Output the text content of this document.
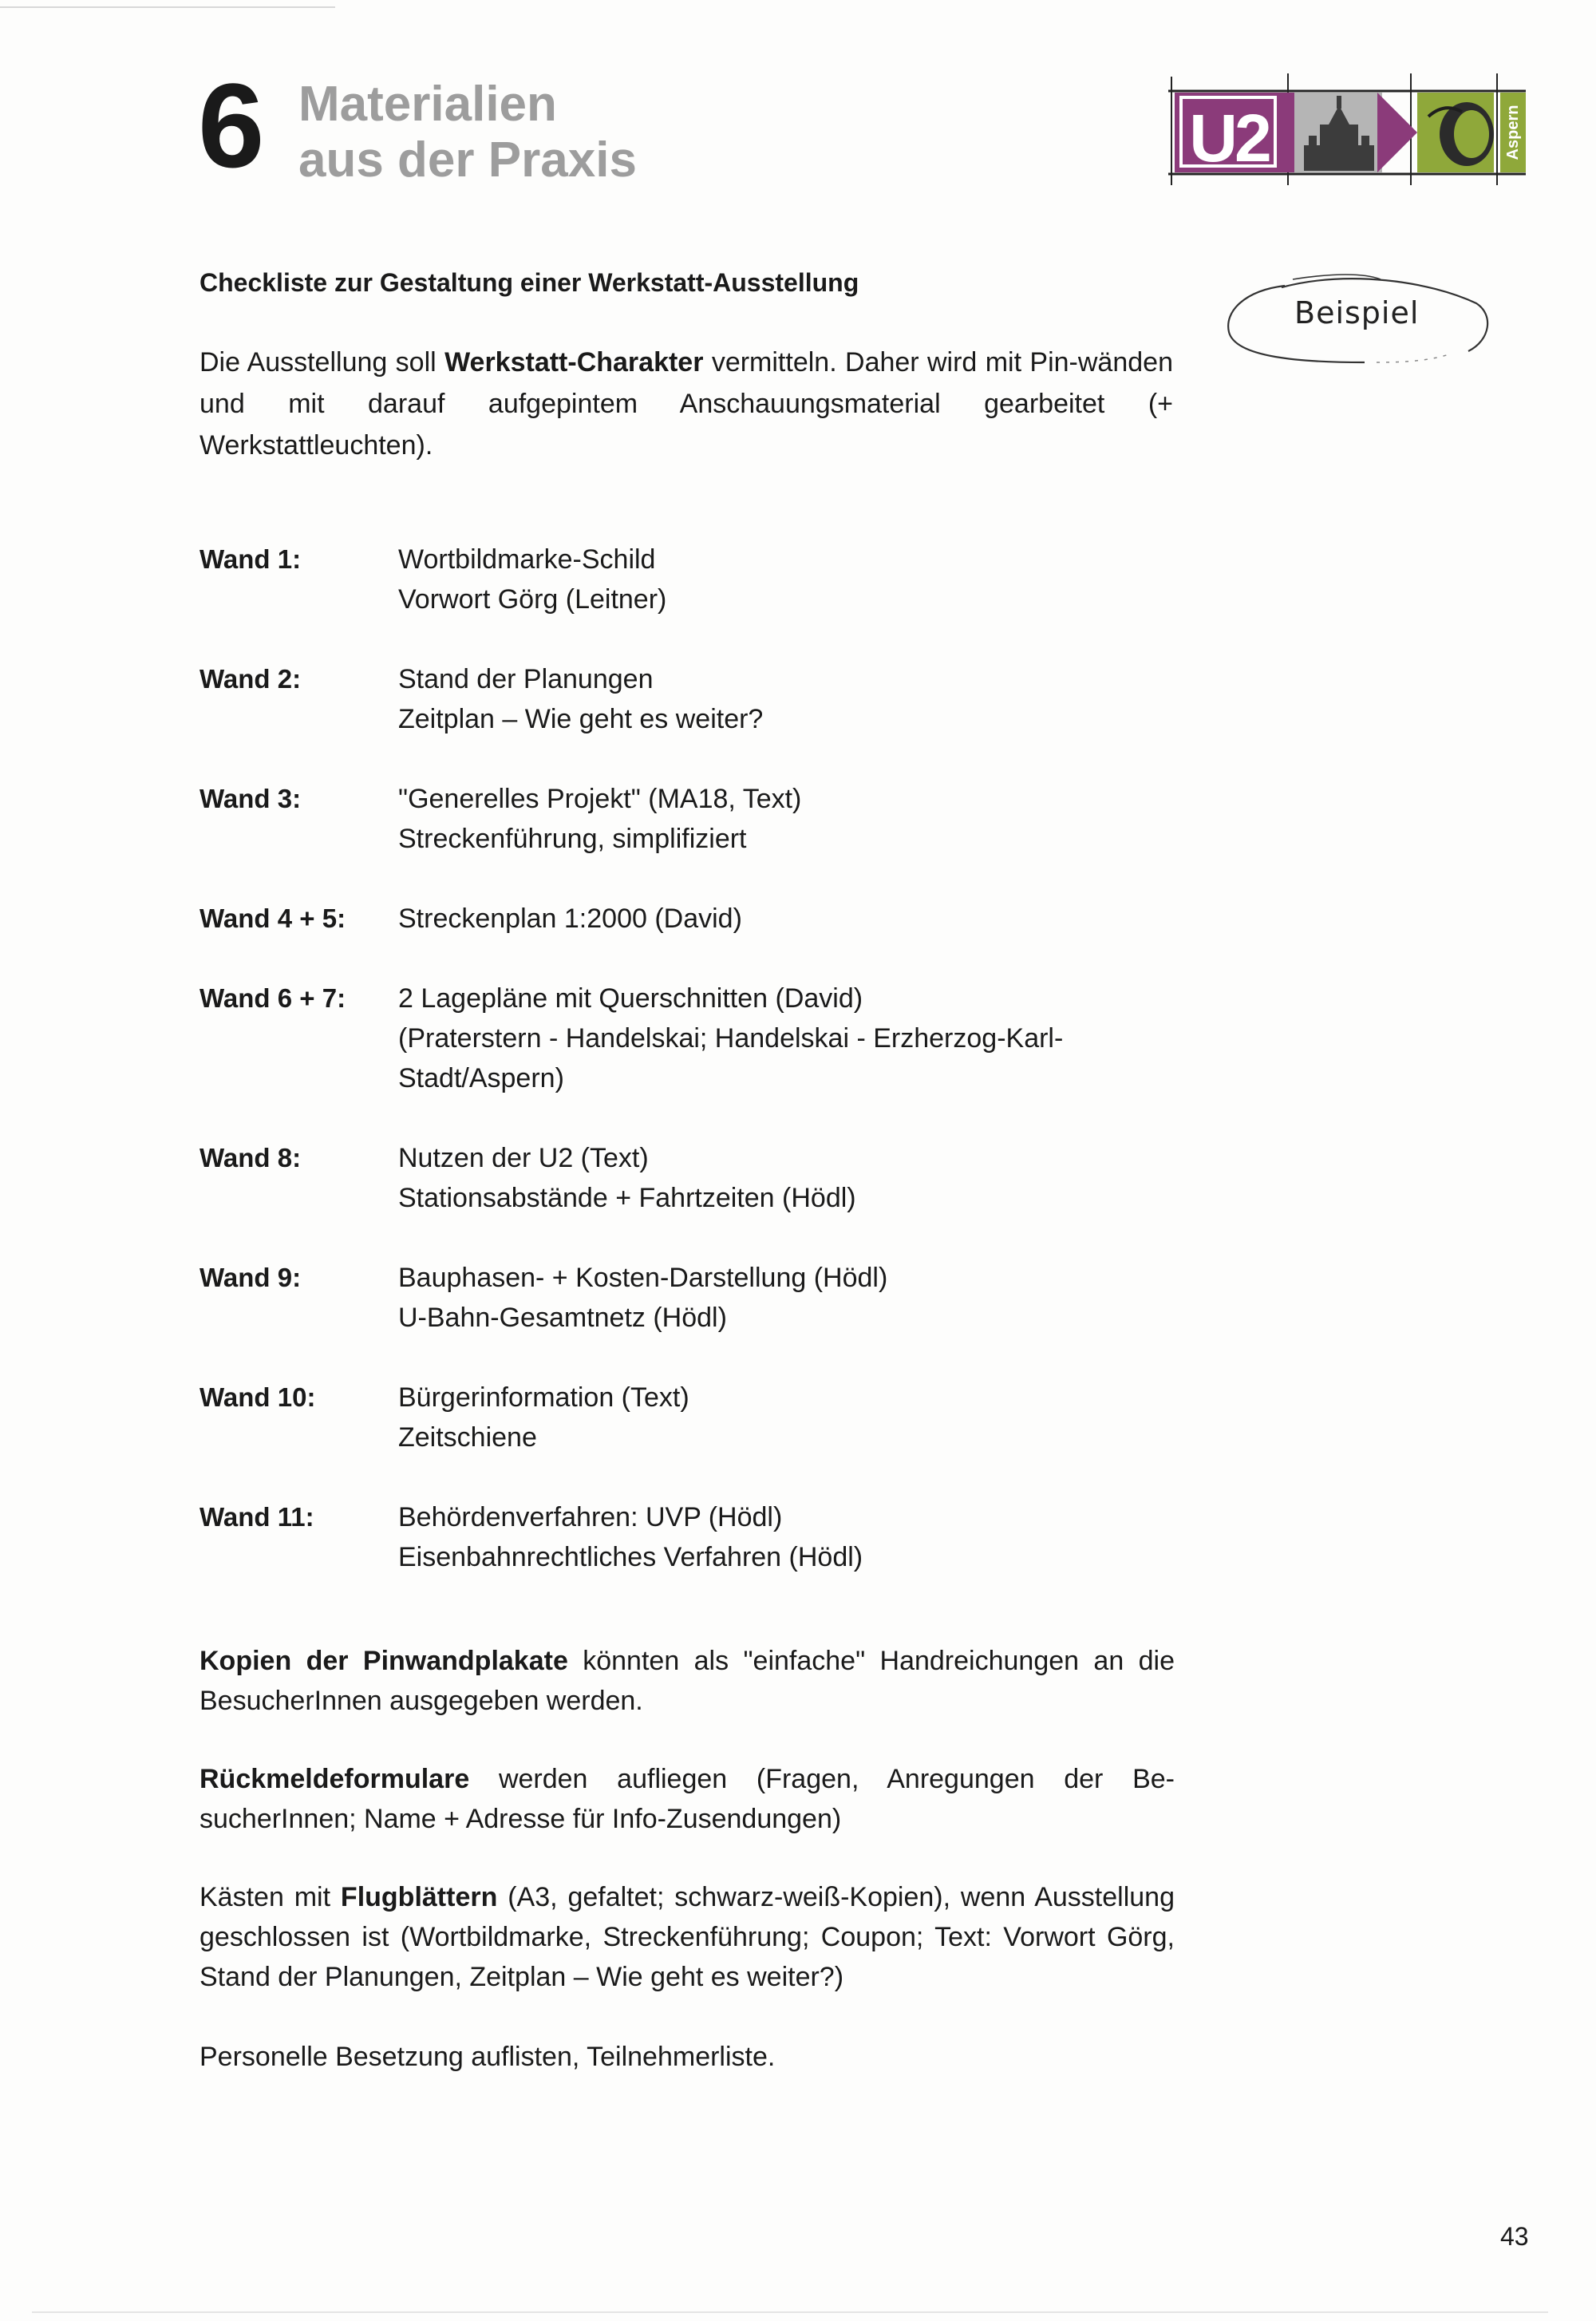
6 Materialien
aus der Praxis	U2	Aspern
Checkliste zur Gestaltung einer Werkstatt-Ausstellung
Beispiel
Die Ausstellung soll Werkstatt-Charakter vermitteln. Daher wird mit Pin-wänden und mit darauf aufgepintem Anschauungsmaterial gearbeitet (+ Werkstattleuchten).
Wand 1:	Wortbildmarke-Schild
Vorwort Görg (Leitner)
Wand 2:	Stand der Planungen
Zeitplan – Wie geht es weiter?
Wand 3:	"Generelles Projekt" (MA18, Text)
Streckenführung, simplifiziert
Wand 4 + 5:	Streckenplan 1:2000 (David)
Wand 6 + 7:	2 Lagepläne mit Querschnitten (David)
(Praterstern - Handelskai; Handelskai - Erzherzog-Karl-
Stadt/Aspern)
Wand 8:	Nutzen der U2 (Text)
Stationsabstände + Fahrtzeiten (Hödl)
Wand 9:	Bauphasen- + Kosten-Darstellung (Hödl)
U-Bahn-Gesamtnetz (Hödl)
Wand 10:	Bürgerinformation (Text)
Zeitschiene
Wand 11:	Behördenverfahren: UVP (Hödl)
Eisenbahnrechtliches Verfahren (Hödl)
Kopien der Pinwandplakate könnten als "einfache" Handreichungen an die BesucherInnen ausgegeben werden.
Rückmeldeformulare werden aufliegen (Fragen, Anregungen der Be-sucherInnen; Name + Adresse für Info-Zusendungen)
Kästen mit Flugblättern (A3, gefaltet; schwarz-weiß-Kopien), wenn Ausstellung geschlossen ist (Wortbildmarke, Streckenführung; Coupon; Text: Vorwort Görg, Stand der Planungen, Zeitplan – Wie geht es weiter?)
Personelle Besetzung auflisten, Teilnehmerliste.
43
